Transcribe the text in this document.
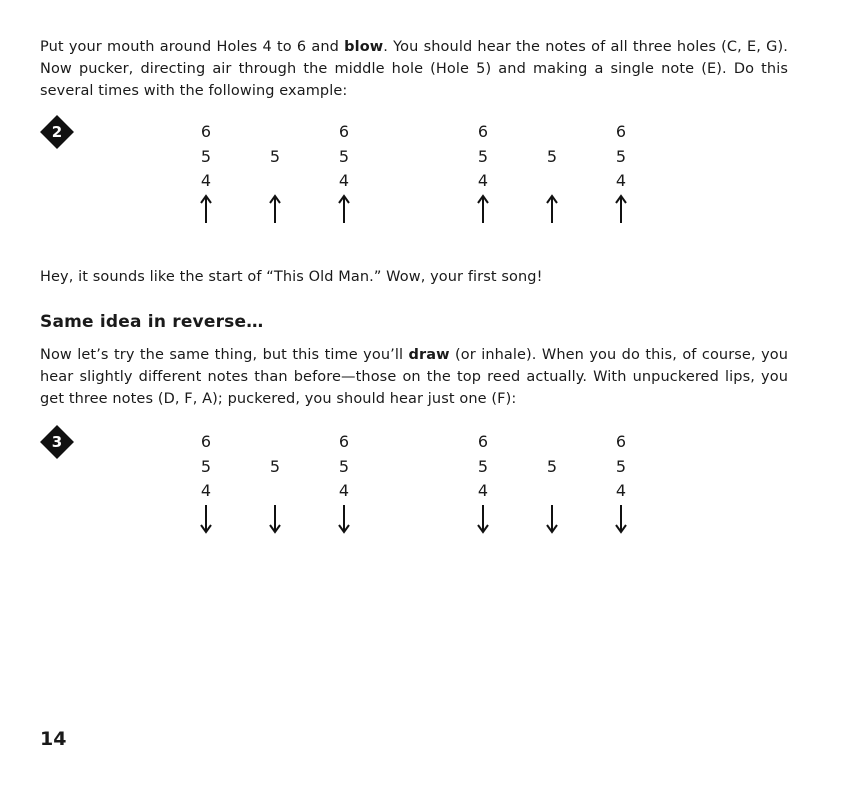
Put your mouth around Holes 4 to 6 and blow. You should hear the notes of all three holes (C, E, G). Now pucker, directing air through the middle hole (Hole 5) and making a single note (E). Do this several times with the following example:

2	6
5
4
5
6
5
4
6
5
4
5
6
5
4

Hey, it sounds like the start of “This Old Man.” Wow, your first song!

Same idea in reverse…

Now let’s try the same thing, but this time you’ll draw (or inhale). When you do this, of course, you hear slightly different notes than before—those on the top reed actually. With unpuckered lips, you get three notes (D, F, A); puckered, you should hear just one (F):

3	6
5
4
5
6
5
4
6
5
4
5
6
5
4

14
